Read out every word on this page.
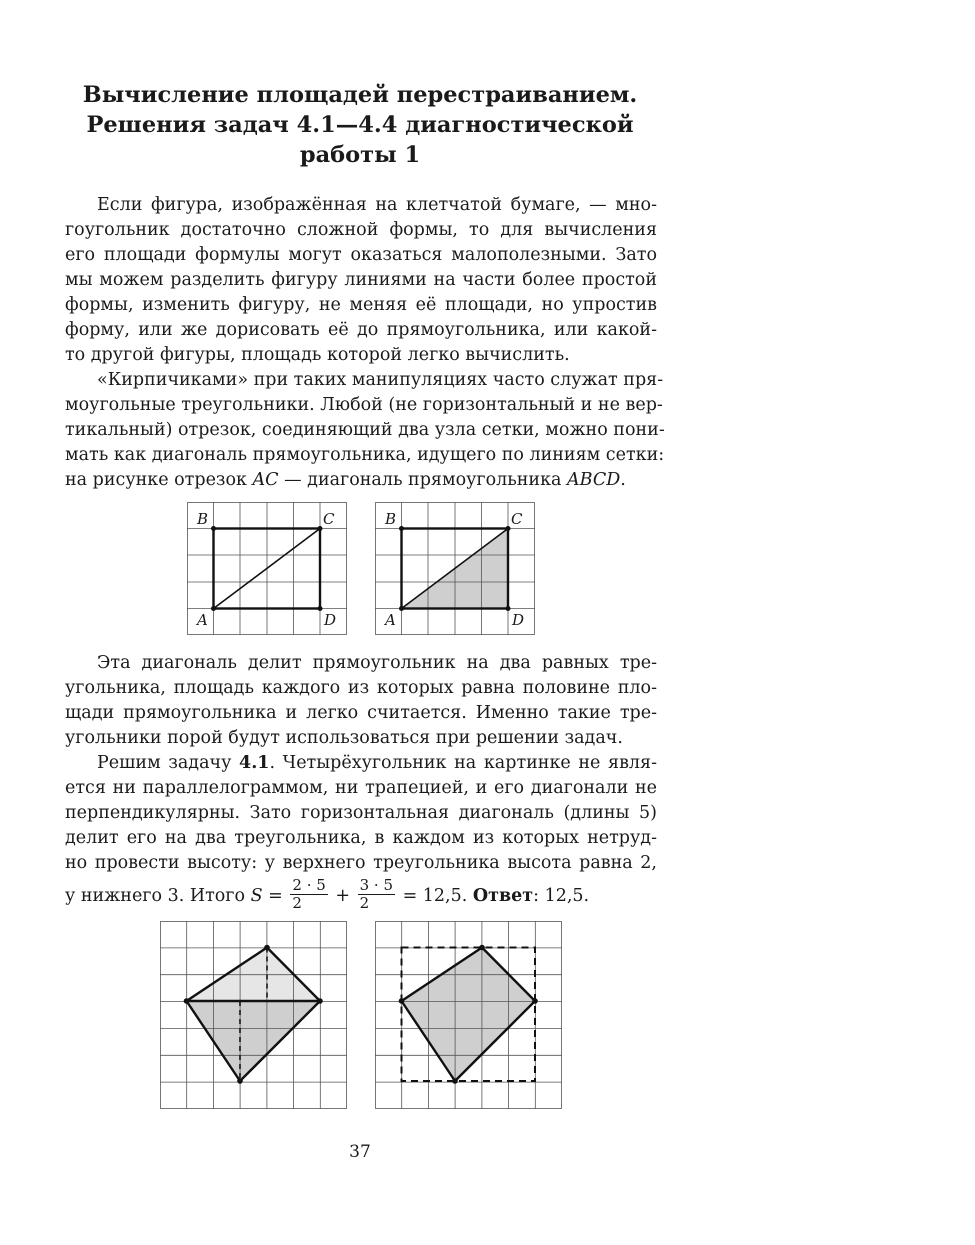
Вычисление площадей перестраиванием.
Решения задач 4.1—4.4 диагностической
работы 1
Если фигура, изображённая на клетчатой бумаге, — мно-
гоугольник достаточно сложной формы, то для вычисления
его площади формулы могут оказаться малополезными. Зато
мы можем разделить фигуру линиями на части более простой
формы, изменить фигуру, не меняя её площади, но упростив
форму, или же дорисовать её до прямоугольника, или какой-
то другой фигуры, площадь которой легко вычислить.
«Кирпичиками» при таких манипуляциях часто служат пря-
моугольные треугольники. Любой (не горизонтальный и не вер-
тикальный) отрезок, соединяющий два узла сетки, можно пони-
мать как диагональ прямоугольника, идущего по линиям сетки:
на рисунке отрезок AC — диагональ прямоугольника ABCD.
B	C
A	D
B	C
A	D
Эта диагональ делит прямоугольник на два равных тре-
угольника, площадь каждого из которых равна половине пло-
щади прямоугольника и легко считается. Именно такие тре-
угольники порой будут использоваться при решении задач.
Решим задачу 4.1. Четырёхугольник на картинке не явля-
ется ни параллелограммом, ни трапецией, и его диагонали не
перпендикулярны. Зато горизонтальная диагональ (длины 5)
делит его на два треугольника, в каждом из которых нетруд-
но провести высоту: у верхнего треугольника высота равна 2,
у нижнего 3. Итого $S = \frac{2 \cdot 5}{2} + \frac{3 \cdot 5}{2} = 12,5$. Ответ: 12,5.
37
